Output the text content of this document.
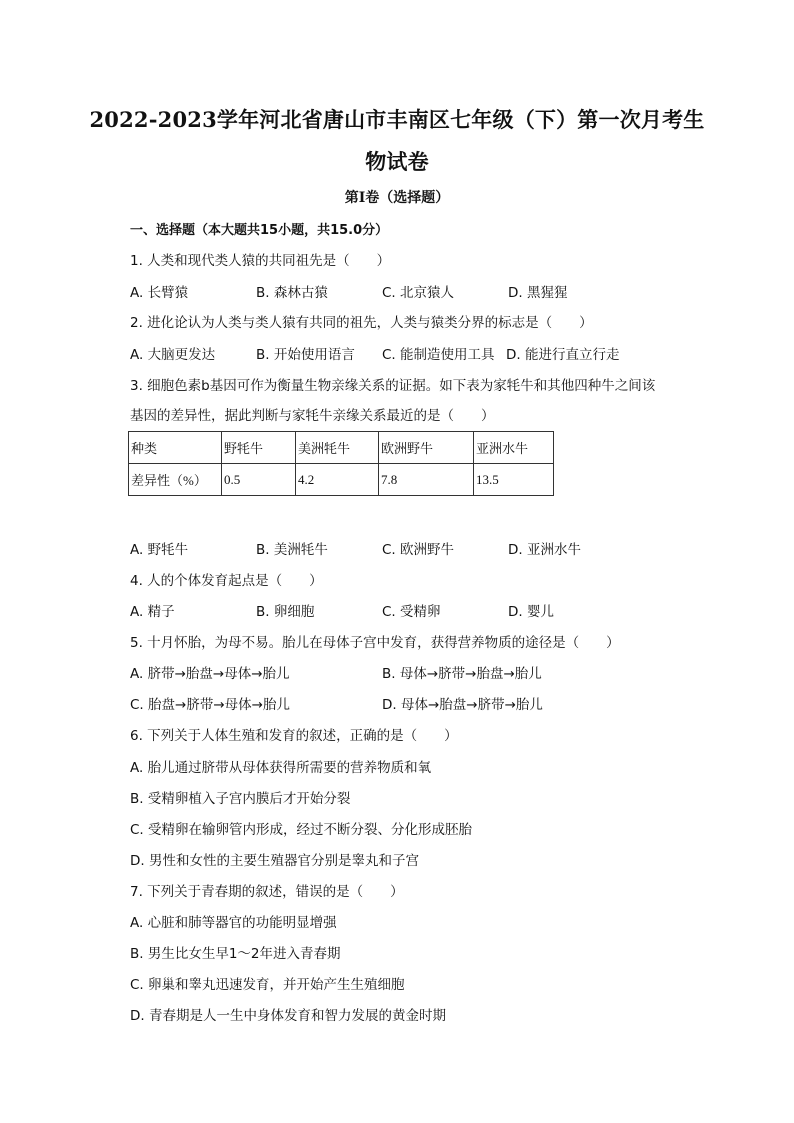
2022-2023学年河北省唐山市丰南区七年级（下）第一次月考生
物试卷
第Ⅰ卷（选择题）
一、选择题（本大题共15小题，共15.0分）
1. 人类和现代类人猿的共同祖先是（　　）
A. 长臂猿	B. 森林古猿	C. 北京猿人	D. 黑猩猩
2. 进化论认为人类与类人猿有共同的祖先，人类与猿类分界的标志是（　　）
A. 大脑更发达	B. 开始使用语言 C. 能制造使用工具 D. 能进行直立行走
3. 细胞色素b基因可作为衡量生物亲缘关系的证据。如下表为家牦牛和其他四种牛之间该
基因的差异性，据此判断与家牦牛亲缘关系最近的是（　　）
种类	野牦牛	美洲牦牛	欧洲野牛	亚洲水牛
差异性（%）	0.5	4.2	7.8	13.5
A. 野牦牛	B. 美洲牦牛	C. 欧洲野牛	D. 亚洲水牛
4. 人的个体发育起点是（　　）
A. 精子	B. 卵细胞	C. 受精卵	D. 婴儿
5. 十月怀胎，为母不易。胎儿在母体子宫中发育，获得营养物质的途径是（　　）
A. 脐带→胎盘→母体→胎儿	B. 母体→脐带→胎盘→胎儿
C. 胎盘→脐带→母体→胎儿	D. 母体→胎盘→脐带→胎儿
6. 下列关于人体生殖和发育的叙述，正确的是（　　）
A. 胎儿通过脐带从母体获得所需要的营养物质和氧
B. 受精卵植入子宫内膜后才开始分裂
C. 受精卵在输卵管内形成，经过不断分裂、分化形成胚胎
D. 男性和女性的主要生殖器官分别是睾丸和子宫
7. 下列关于青春期的叙述，错误的是（　　）
A. 心脏和肺等器官的功能明显增强
B. 男生比女生早1～2年进入青春期
C. 卵巢和睾丸迅速发育，并开始产生生殖细胞
D. 青春期是人一生中身体发育和智力发展的黄金时期
